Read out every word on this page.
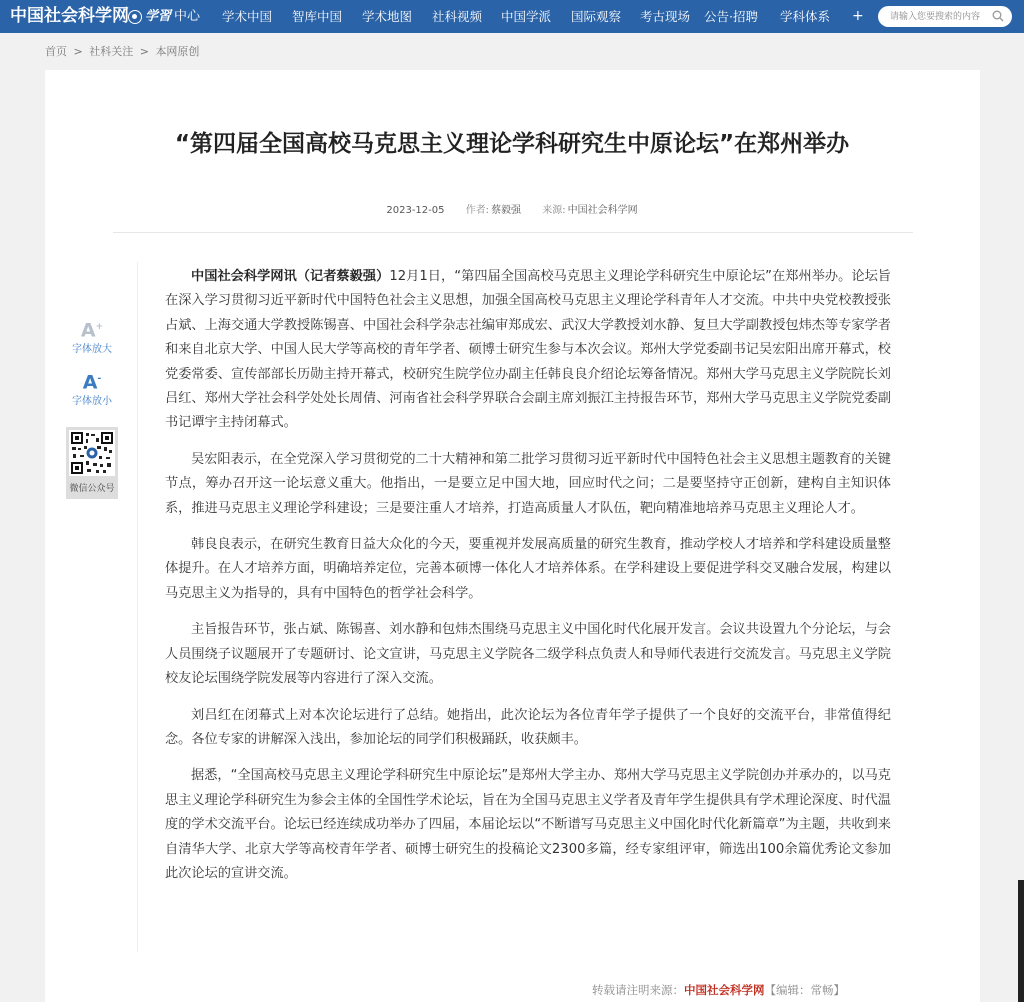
中国社会科学网 学習 中心 学术中国 智库中国 学术地图 社科视频 中国学派 国际观察 考古现场 公告·招聘 学科体系 +
请输入您要搜索的内容
首页 > 社科关注 > 本网原创
“第四届全国高校马克思主义理论学科研究生中原论坛”在郑州举办
2023-12-05 作者: 蔡毅强 来源: 中国社会科学网
A+
字体放大
A-
字体放小
微信公众号

中国社会科学网讯（记者蔡毅强）12月1日，“第四届全国高校马克思主义理论学科研究生中原论坛”在郑州举办。论坛旨在深入学习贯彻习近平新时代中国特色社会主义思想，加强全国高校马克思主义理论学科青年人才交流。中共中央党校教授张占斌、上海交通大学教授陈锡喜、中国社会科学杂志社编审郑成宏、武汉大学教授刘水静、复旦大学副教授包炜杰等专家学者和来自北京大学、中国人民大学等高校的青年学者、硕博士研究生参与本次会议。郑州大学党委副书记吴宏阳出席开幕式，校党委常委、宣传部部长历勋主持开幕式，校研究生院学位办副主任韩良良介绍论坛筹备情况。郑州大学马克思主义学院院长刘吕红、郑州大学社会科学处处长周倩、河南省社会科学界联合会副主席刘振江主持报告环节，郑州大学马克思主义学院党委副书记谭宇主持闭幕式。

吴宏阳表示，在全党深入学习贯彻党的二十大精神和第二批学习贯彻习近平新时代中国特色社会主义思想主题教育的关键节点，筹办召开这一论坛意义重大。他指出，一是要立足中国大地，回应时代之问；二是要坚持守正创新，建构自主知识体系，推进马克思主义理论学科建设；三是要注重人才培养，打造高质量人才队伍，靶向精准地培养马克思主义理论人才。

韩良良表示，在研究生教育日益大众化的今天，要重视并发展高质量的研究生教育，推动学校人才培养和学科建设质量整体提升。在人才培养方面，明确培养定位，完善本硕博一体化人才培养体系。在学科建设上要促进学科交叉融合发展，构建以马克思主义为指导的，具有中国特色的哲学社会科学。

主旨报告环节，张占斌、陈锡喜、刘水静和包炜杰围绕马克思主义中国化时代化展开发言。会议共设置九个分论坛，与会人员围绕子议题展开了专题研讨、论文宣讲，马克思主义学院各二级学科点负责人和导师代表进行交流发言。马克思主义学院校友论坛围绕学院发展等内容进行了深入交流。

刘吕红在闭幕式上对本次论坛进行了总结。她指出，此次论坛为各位青年学子提供了一个良好的交流平台，非常值得纪念。各位专家的讲解深入浅出，参加论坛的同学们积极踊跃，收获颇丰。

据悉，“全国高校马克思主义理论学科研究生中原论坛”是郑州大学主办、郑州大学马克思主义学院创办并承办的，以马克思主义理论学科研究生为参会主体的全国性学术论坛，旨在为全国马克思主义学者及青年学生提供具有学术理论深度、时代温度的学术交流平台。论坛已经连续成功举办了四届，本届论坛以“不断谱写马克思主义中国化时代化新篇章”为主题，共收到来自清华大学、北京大学等高校青年学者、硕博士研究生的投稿论文2300多篇，经专家组评审，筛选出100余篇优秀论文参加此次论坛的宣讲交流。

转载请注明来源：中国社会科学网【编辑：常畅】
